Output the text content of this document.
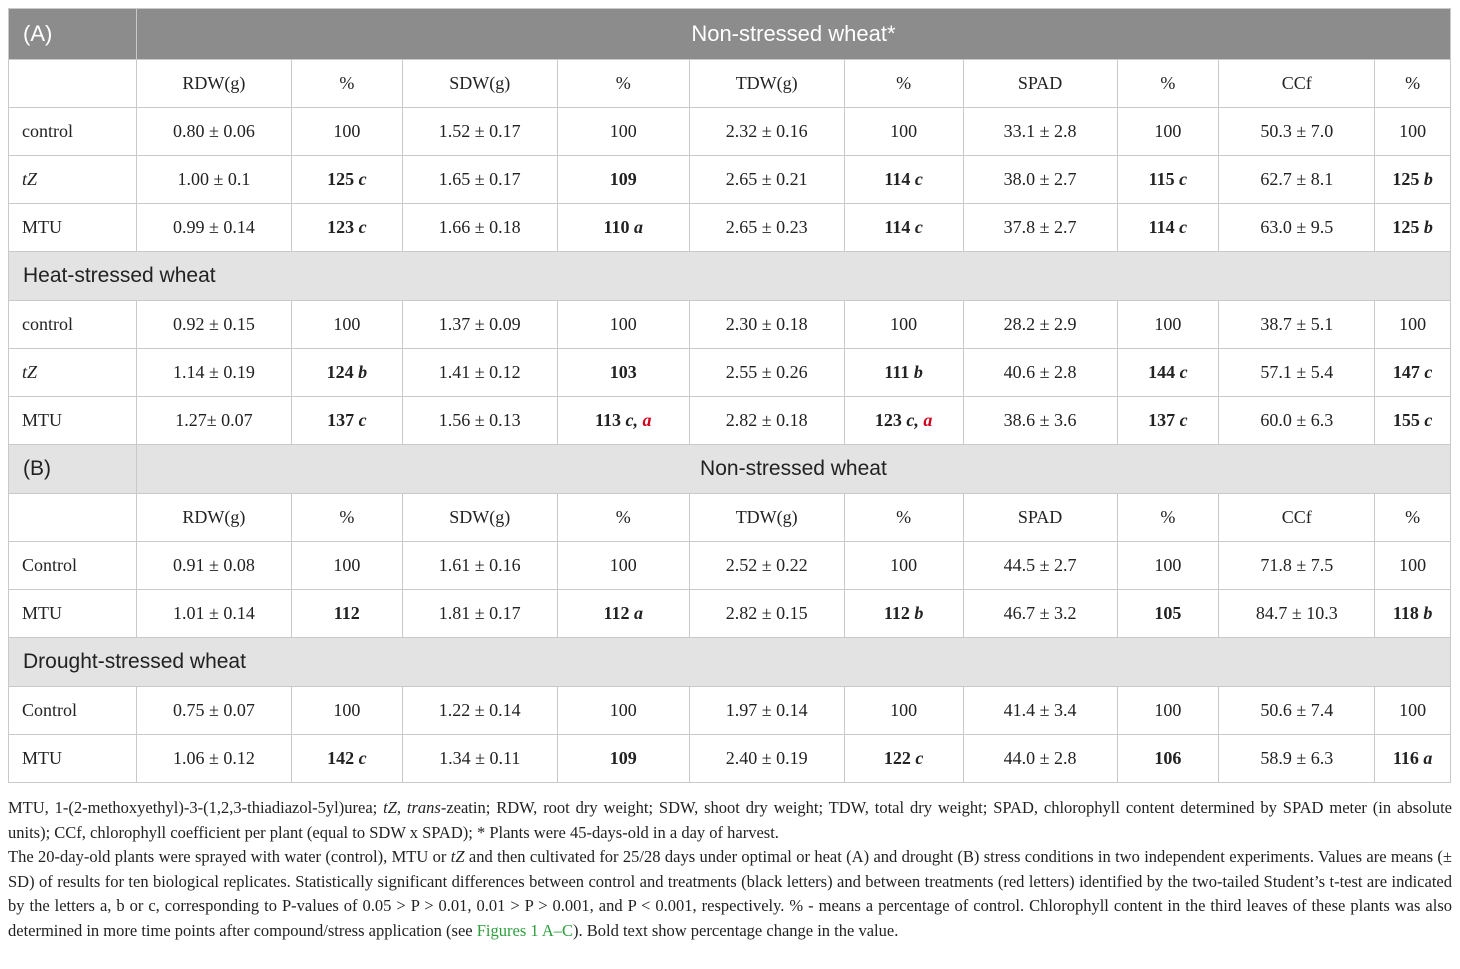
(A)	Non-stressed wheat*									
	RDW(g)	%	SDW(g)	%	TDW(g)	%	SPAD	%	CCf	%
control	0.80 ± 0.06	100	1.52 ± 0.17	100	2.32 ± 0.16	100	33.1 ± 2.8	100	50.3 ± 7.0	100
tZ	1.00 ± 0.1	125 c	1.65 ± 0.17	109	2.65 ± 0.21	114 c	38.0 ± 2.7	115 c	62.7 ± 8.1	125 b
MTU	0.99 ± 0.14	123 c	1.66 ± 0.18	110 a	2.65 ± 0.23	114 c	37.8 ± 2.7	114 c	63.0 ± 9.5	125 b
Heat-stressed wheat										
control	0.92 ± 0.15	100	1.37 ± 0.09	100	2.30 ± 0.18	100	28.2 ± 2.9	100	38.7 ± 5.1	100
tZ	1.14 ± 0.19	124 b	1.41 ± 0.12	103	2.55 ± 0.26	111 b	40.6 ± 2.8	144 c	57.1 ± 5.4	147 c
MTU	1.27± 0.07	137 c	1.56 ± 0.13	113 c, a	2.82 ± 0.18	123 c, a	38.6 ± 3.6	137 c	60.0 ± 6.3	155 c
(B)	Non-stressed wheat									
	RDW(g)	%	SDW(g)	%	TDW(g)	%	SPAD	%	CCf	%
Control	0.91 ± 0.08	100	1.61 ± 0.16	100	2.52 ± 0.22	100	44.5 ± 2.7	100	71.8 ± 7.5	100
MTU	1.01 ± 0.14	112	1.81 ± 0.17	112 a	2.82 ± 0.15	112 b	46.7 ± 3.2	105	84.7 ± 10.3	118 b
Drought-stressed wheat										
Control	0.75 ± 0.07	100	1.22 ± 0.14	100	1.97 ± 0.14	100	41.4 ± 3.4	100	50.6 ± 7.4	100
MTU	1.06 ± 0.12	142 c	1.34 ± 0.11	109	2.40 ± 0.19	122 c	44.0 ± 2.8	106	58.9 ± 6.3	116 a

MTU, 1-(2-methoxyethyl)-3-(1,2,3-thiadiazol-5yl)urea; tZ, trans-zeatin; RDW, root dry weight; SDW, shoot dry weight; TDW, total dry weight; SPAD, chlorophyll content determined by SPAD meter (in absolute units); CCf, chlorophyll coefficient per plant (equal to SDW x SPAD); * Plants were 45-days-old in a day of harvest.

The 20-day-old plants were sprayed with water (control), MTU or tZ and then cultivated for 25/28 days under optimal or heat (A) and drought (B) stress conditions in two independent experiments. Values are means (± SD) of results for ten biological replicates. Statistically significant differences between control and treatments (black letters) and between treatments (red letters) identified by the two-tailed Student’s t-test are indicated by the letters a, b or c, corresponding to P-values of 0.05 > P > 0.01, 0.01 > P > 0.001, and P < 0.001, respectively. % - means a percentage of control. Chlorophyll content in the third leaves of these plants was also determined in more time points after compound/stress application (see Figures 1 A–C). Bold text show percentage change in the value.
